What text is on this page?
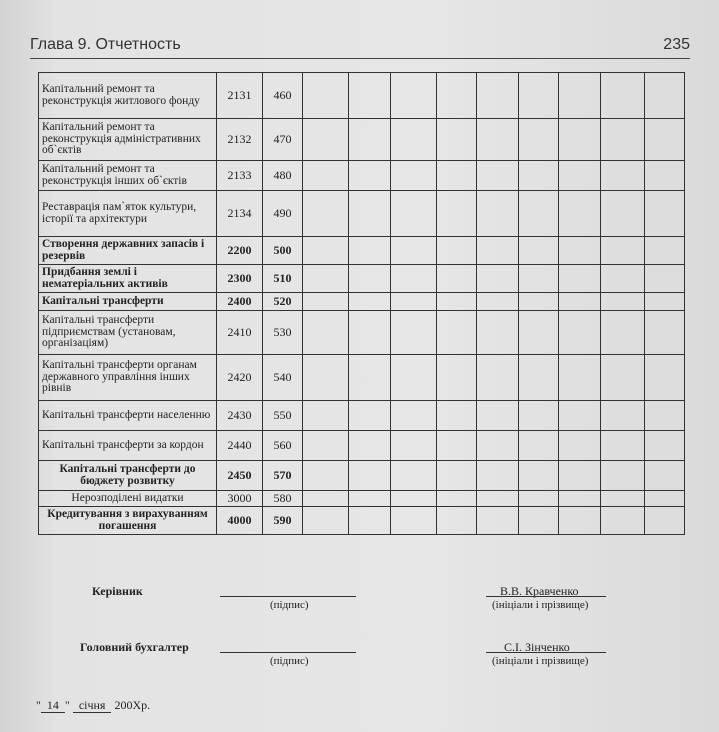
Глава 9. Отчетность	235
Капітальний ремонт та реконструкція житлового фонду	2131	460									
Капітальний ремонт та реконструкція адміністративних об`єктів	2132	470									
Капітальний ремонт та реконструкція інших об`єктів	2133	480									
Реставрація пам`яток культури, історії та архітектури	2134	490									
Створення державних запасів і резервів	2200	500									
Придбання землі і нематеріальних активів	2300	510									
Капітальні трансферти	2400	520									
Капітальні трансферти підприємствам (установам, організаціям)	2410	530									
Капітальні трансферти органам державного управління інших рівнів	2420	540									
Капітальні трансферти населенню	2430	550									
Капітальні трансферти за кордон	2440	560									
Капітальні трансферти до бюджету розвитку	2450	570									
Нерозподілені видатки	3000	580									
Кредитування з вирахуванням погашення	4000	590									
Керівник
(підпис)
В.В. Кравченко
(ініціали і прізвище)
Головний бухгалтер
(підпис)
С.І. Зінченко
(ініціали і прізвище)
" 14 " січня 200Хр.
